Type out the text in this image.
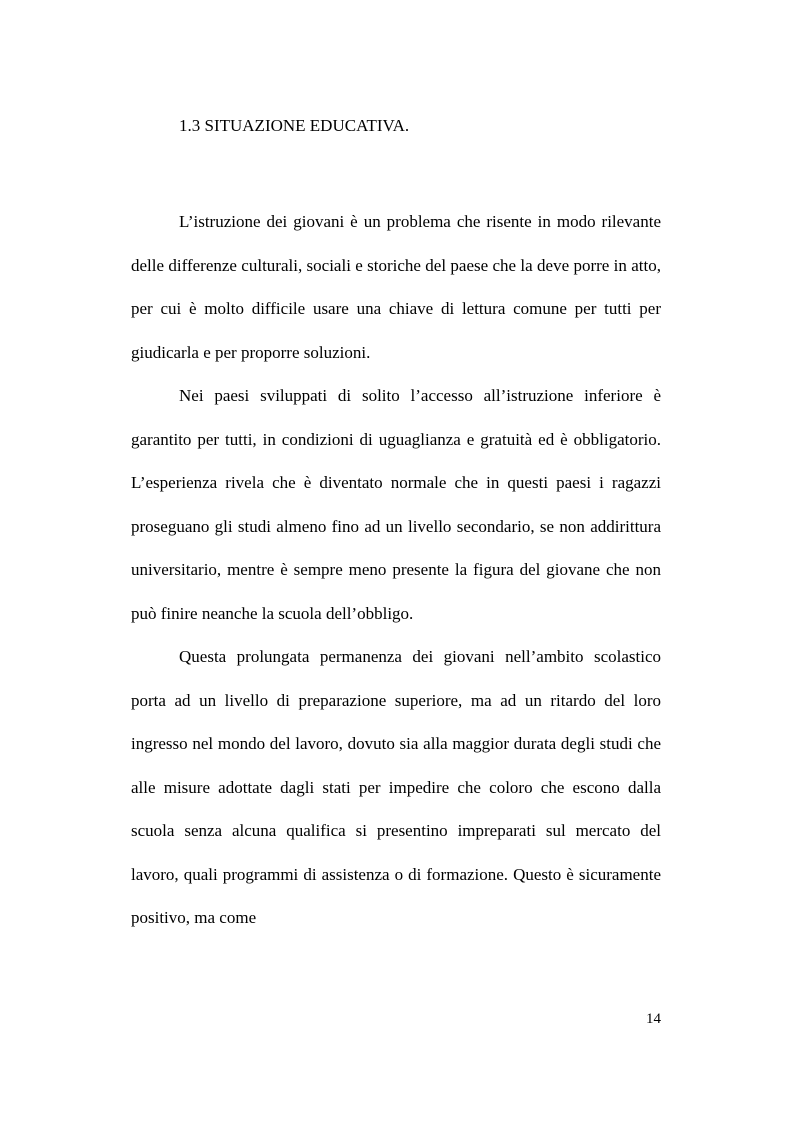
1.3 SITUAZIONE EDUCATIVA.

L’istruzione dei giovani è un problema che risente in modo rilevante delle differenze culturali, sociali e storiche del paese che la deve porre in atto, per cui è molto difficile usare una chiave di lettura comune per tutti per giudicarla e per proporre soluzioni.

Nei paesi sviluppati di solito l’accesso all’istruzione inferiore è garantito per tutti, in condizioni di uguaglianza e gratuità ed è obbligatorio. L’esperienza rivela che è diventato normale che in questi paesi i ragazzi proseguano gli studi almeno fino ad un livello secondario, se non addirittura universitario, mentre è sempre meno presente la figura del giovane che non può finire neanche la scuola dell’obbligo.

Questa prolungata permanenza dei giovani nell’ambito scolastico porta ad un livello di preparazione superiore, ma ad un ritardo del loro ingresso nel mondo del lavoro, dovuto sia alla maggior durata degli studi che alle misure adottate dagli stati per impedire che coloro che escono dalla scuola senza alcuna qualifica si presentino impreparati sul mercato del lavoro, quali programmi di assistenza o di formazione. Questo è sicuramente positivo, ma come

14
